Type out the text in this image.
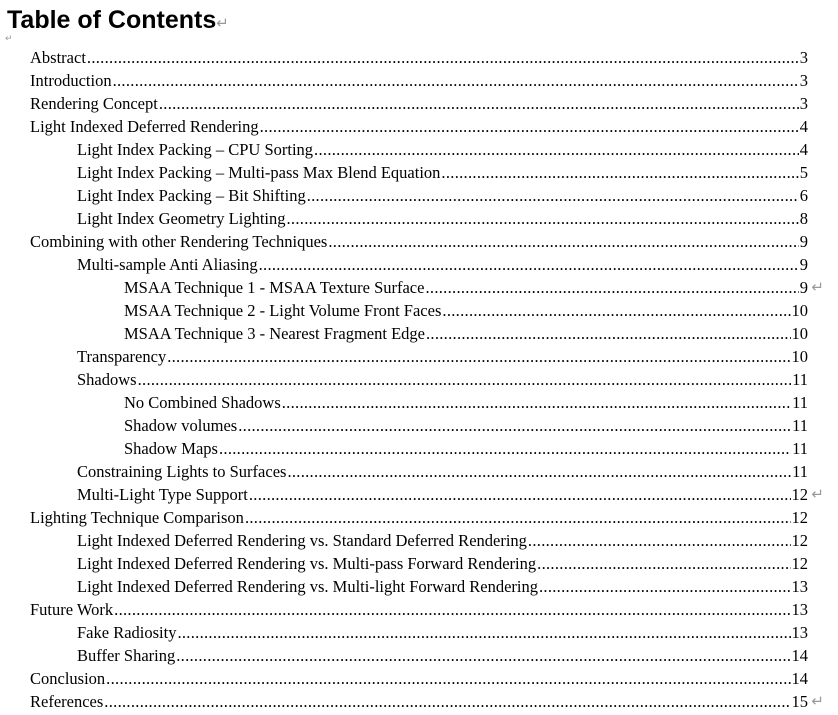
Table of Contents↵
↵
Abstract .....	3
Introduction .....	3
Rendering Concept .....	3
Light Indexed Deferred Rendering .....	4
Light Index Packing – CPU Sorting .....	4
Light Index Packing – Multi-pass Max Blend Equation .....	5
Light Index Packing – Bit Shifting .....	6
Light Index Geometry Lighting .....	8
Combining with other Rendering Techniques .....	9
Multi-sample Anti Aliasing .....	9
MSAA Technique 1 - MSAA Texture Surface .....	9 ↵
MSAA Technique 2 - Light Volume Front Faces .....	10
MSAA Technique 3 - Nearest Fragment Edge .....	10
Transparency .....	10
Shadows .....	11
No Combined Shadows .....	11
Shadow volumes .....	11
Shadow Maps .....	11
Constraining Lights to Surfaces .....	11
Multi-Light Type Support .....	12 ↵
Lighting Technique Comparison .....	12
Light Indexed Deferred Rendering vs. Standard Deferred Rendering .....	12
Light Indexed Deferred Rendering vs. Multi-pass Forward Rendering .....	12
Light Indexed Deferred Rendering vs. Multi-light Forward Rendering .....	13
Future Work .....	13
Fake Radiosity .....	13
Buffer Sharing .....	14
Conclusion .....	14
References .....	15 ↵
